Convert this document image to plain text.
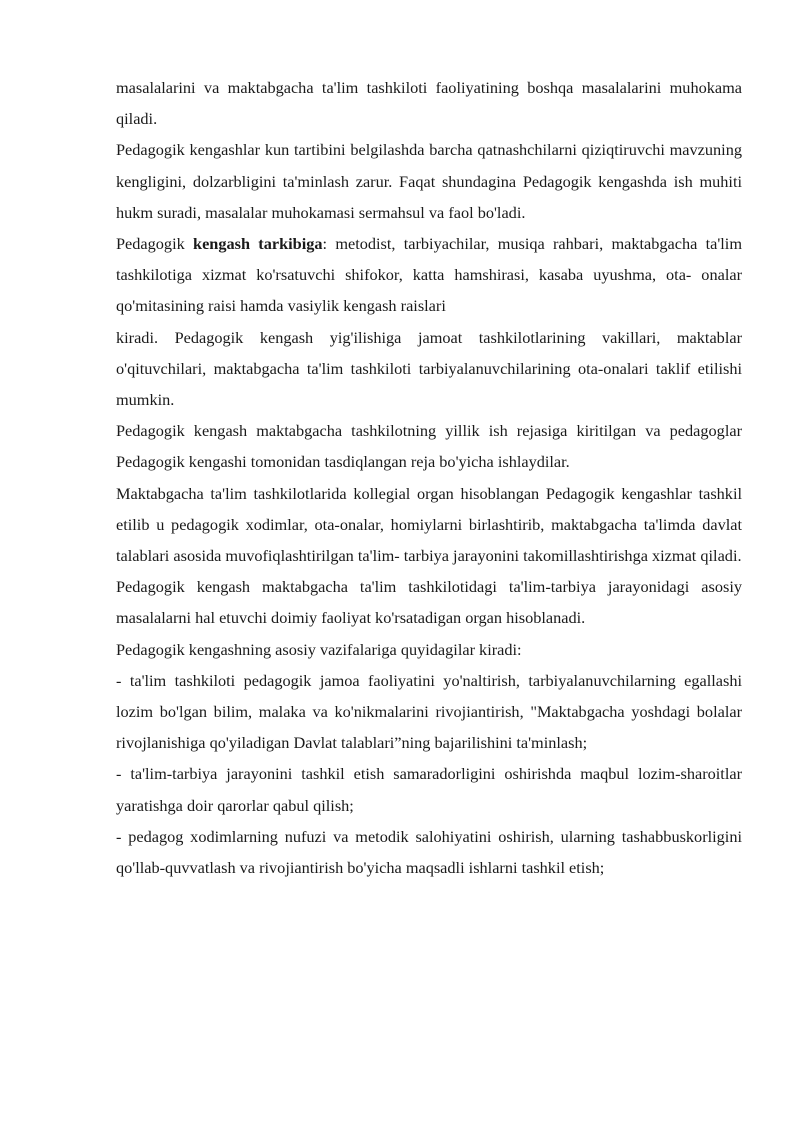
masalalarini va maktabgacha ta'lim tashkiloti faoliyatining boshqa masalalarini muhokama qiladi.

Pedagogik kengashlar kun tartibini belgilashda barcha qatnashchilarni qiziqtiruvchi mavzuning kengligini, dolzarbligini ta'minlash zarur. Faqat shundagina Pedagogik kengashda ish muhiti hukm suradi, masalalar muhokamasi sermahsul va faol bo'ladi.

Pedagogik kengash tarkibiga: metodist, tarbiyachilar, musiqa rahbari, maktabgacha ta'lim tashkilotiga xizmat ko'rsatuvchi shifokor, katta hamshirasi, kasaba uyushma, ota- onalar qo'mitasining raisi hamda vasiylik kengash raislari

kiradi. Pedagogik kengash yig'ilishiga jamoat tashkilotlarining vakillari, maktablar o'qituvchilari, maktabgacha ta'lim tashkiloti tarbiyalanuvchilarining ota-onalari taklif etilishi mumkin.

Pedagogik kengash maktabgacha tashkilotning yillik ish rejasiga kiritilgan va pedagoglar Pedagogik kengashi tomonidan tasdiqlangan reja bo'yicha ishlaydilar.

Maktabgacha ta'lim tashkilotlarida kollegial organ hisoblangan Pedagogik kengashlar tashkil etilib u pedagogik xodimlar, ota-onalar, homiylarni birlashtirib, maktabgacha ta'limda davlat talablari asosida muvofiqlashtirilgan ta'lim- tarbiya jarayonini takomillashtirishga xizmat qiladi.

Pedagogik kengash maktabgacha ta'lim tashkilotidagi ta'lim-tarbiya jarayonidagi asosiy masalalarni hal etuvchi doimiy faoliyat ko'rsatadigan organ hisoblanadi.

Pedagogik kengashning asosiy vazifalariga quyidagilar kiradi:

- ta'lim tashkiloti pedagogik jamoa faoliyatini yo'naltirish, tarbiyalanuvchilarning egallashi lozim bo'lgan bilim, malaka va ko'nikmalarini rivojiantirish, "Maktabgacha yoshdagi bolalar rivojlanishiga qo'yiladigan Davlat talablari”ning bajarilishini ta'minlash;

- ta'lim-tarbiya jarayonini tashkil etish samaradorligini oshirishda maqbul lozim-sharoitlar yaratishga doir qarorlar qabul qilish;

- pedagog xodimlarning nufuzi va metodik salohiyatini oshirish, ularning tashabbuskorligini qo'llab-quvvatlash va rivojiantirish bo'yicha maqsadli ishlarni tashkil etish;
